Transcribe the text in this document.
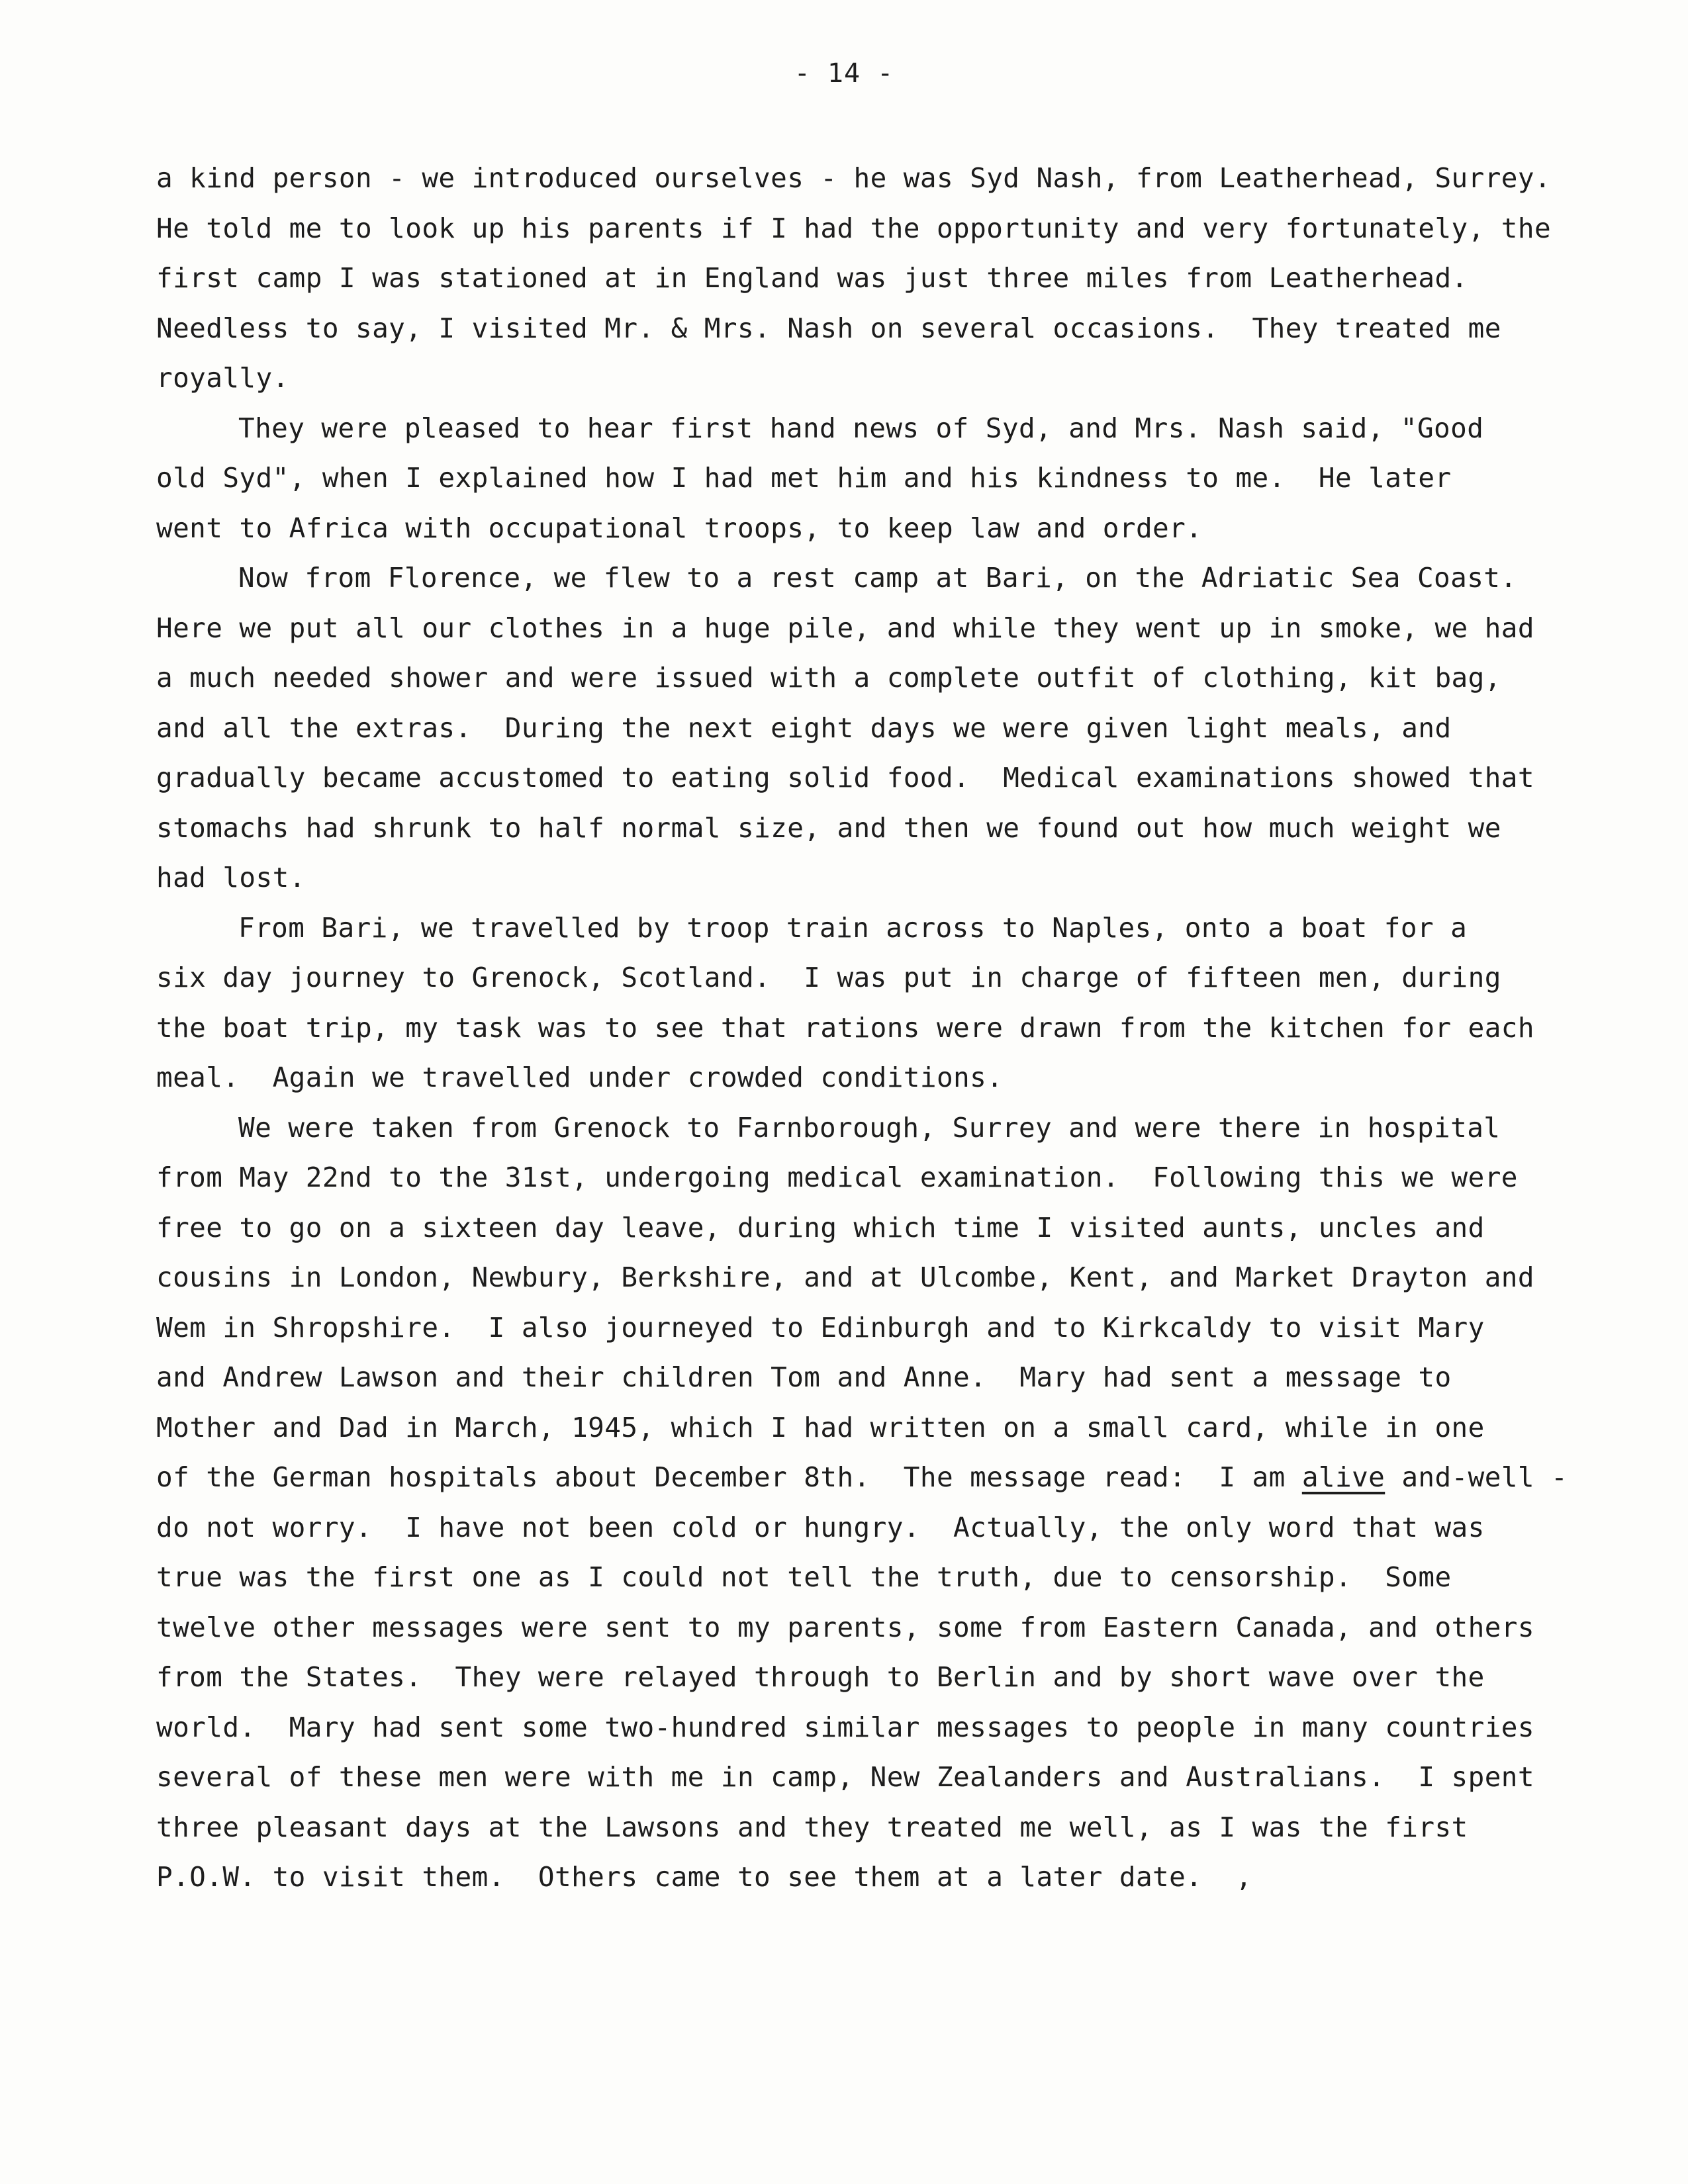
- 14 -
a kind person - we introduced ourselves - he was Syd Nash, from Leatherhead, Surrey.
He told me to look up his parents if I had the opportunity and very fortunately, the
first camp I was stationed at in England was just three miles from Leatherhead.
Needless to say, I visited Mr. & Mrs. Nash on several occasions.  They treated me
royally.
They were pleased to hear first hand news of Syd, and Mrs. Nash said, "Good
old Syd", when I explained how I had met him and his kindness to me.  He later
went to Africa with occupational troops, to keep law and order.
Now from Florence, we flew to a rest camp at Bari, on the Adriatic Sea Coast.
Here we put all our clothes in a huge pile, and while they went up in smoke, we had
a much needed shower and were issued with a complete outfit of clothing, kit bag,
and all the extras.  During the next eight days we were given light meals, and
gradually became accustomed to eating solid food.  Medical examinations showed that
stomachs had shrunk to half normal size, and then we found out how much weight we
had lost.
From Bari, we travelled by troop train across to Naples, onto a boat for a
six day journey to Grenock, Scotland.  I was put in charge of fifteen men, during
the boat trip, my task was to see that rations were drawn from the kitchen for each
meal.  Again we travelled under crowded conditions.
We were taken from Grenock to Farnborough, Surrey and were there in hospital
from May 22nd to the 31st, undergoing medical examination.  Following this we were
free to go on a sixteen day leave, during which time I visited aunts, uncles and
cousins in London, Newbury, Berkshire, and at Ulcombe, Kent, and Market Drayton and
Wem in Shropshire.  I also journeyed to Edinburgh and to Kirkcaldy to visit Mary
and Andrew Lawson and their children Tom and Anne.  Mary had sent a message to
Mother and Dad in March, 1945, which I had written on a small card, while in one
of the German hospitals about December 8th.  The message read:  I am alive and-well -
do not worry.  I have not been cold or hungry.  Actually, the only word that was
true was the first one as I could not tell the truth, due to censorship.  Some
twelve other messages were sent to my parents, some from Eastern Canada, and others
from the States.  They were relayed through to Berlin and by short wave over the
world.  Mary had sent some two-hundred similar messages to people in many countries
several of these men were with me in camp, New Zealanders and Australians.  I spent
three pleasant days at the Lawsons and they treated me well, as I was the first
P.O.W. to visit them.  Others came to see them at a later date.  ,
